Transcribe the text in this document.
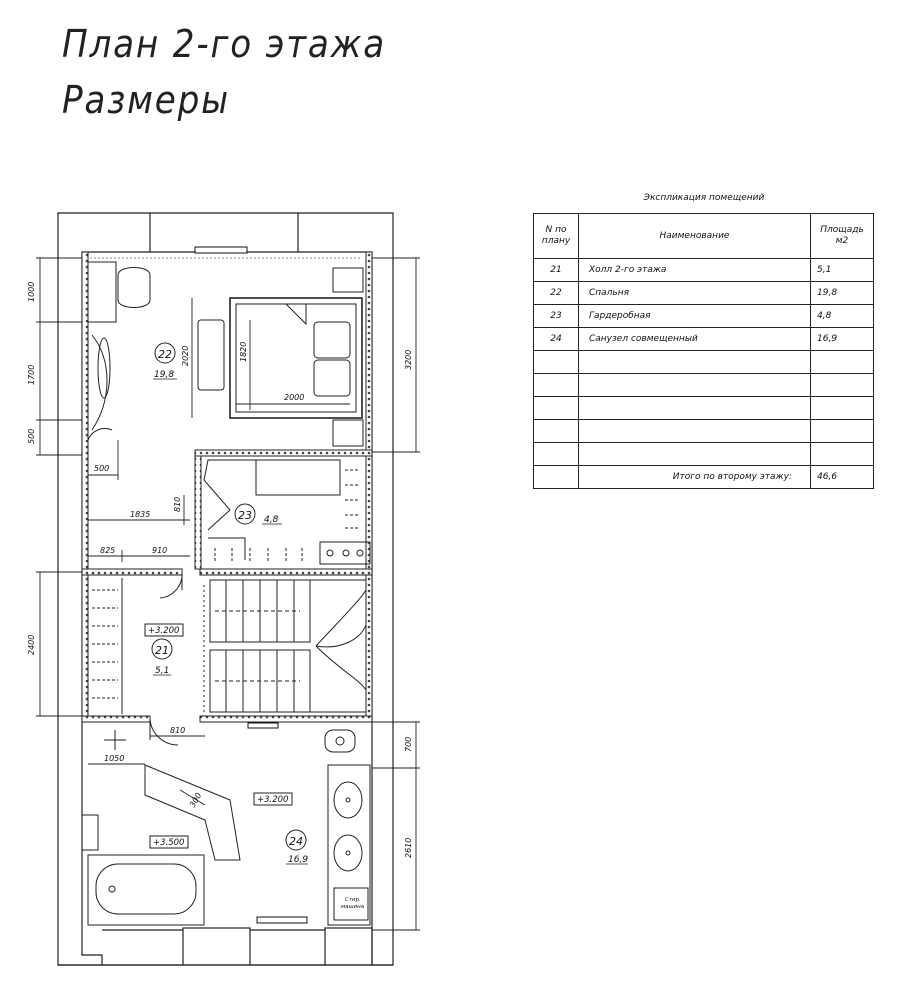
План 2-го этажа
Размеры
1000
1700
500
2400
3200
700
2610
2020	1820
2000
500
1835
810
825	910
810
1050
300
22
19,8
23 4,8
21
5,1
24
16,9
+3.200
+3.200
+3.500
Стир.
машина
Экспликация помещений
N по плану	Наименование	Площадь м2
21	Холл 2-го этажа	5,1
22	Спальня	19,8
23	Гардеробная	4,8
24	Санузел совмещенный	16,9

	Итого по второму этажу:	46,6
